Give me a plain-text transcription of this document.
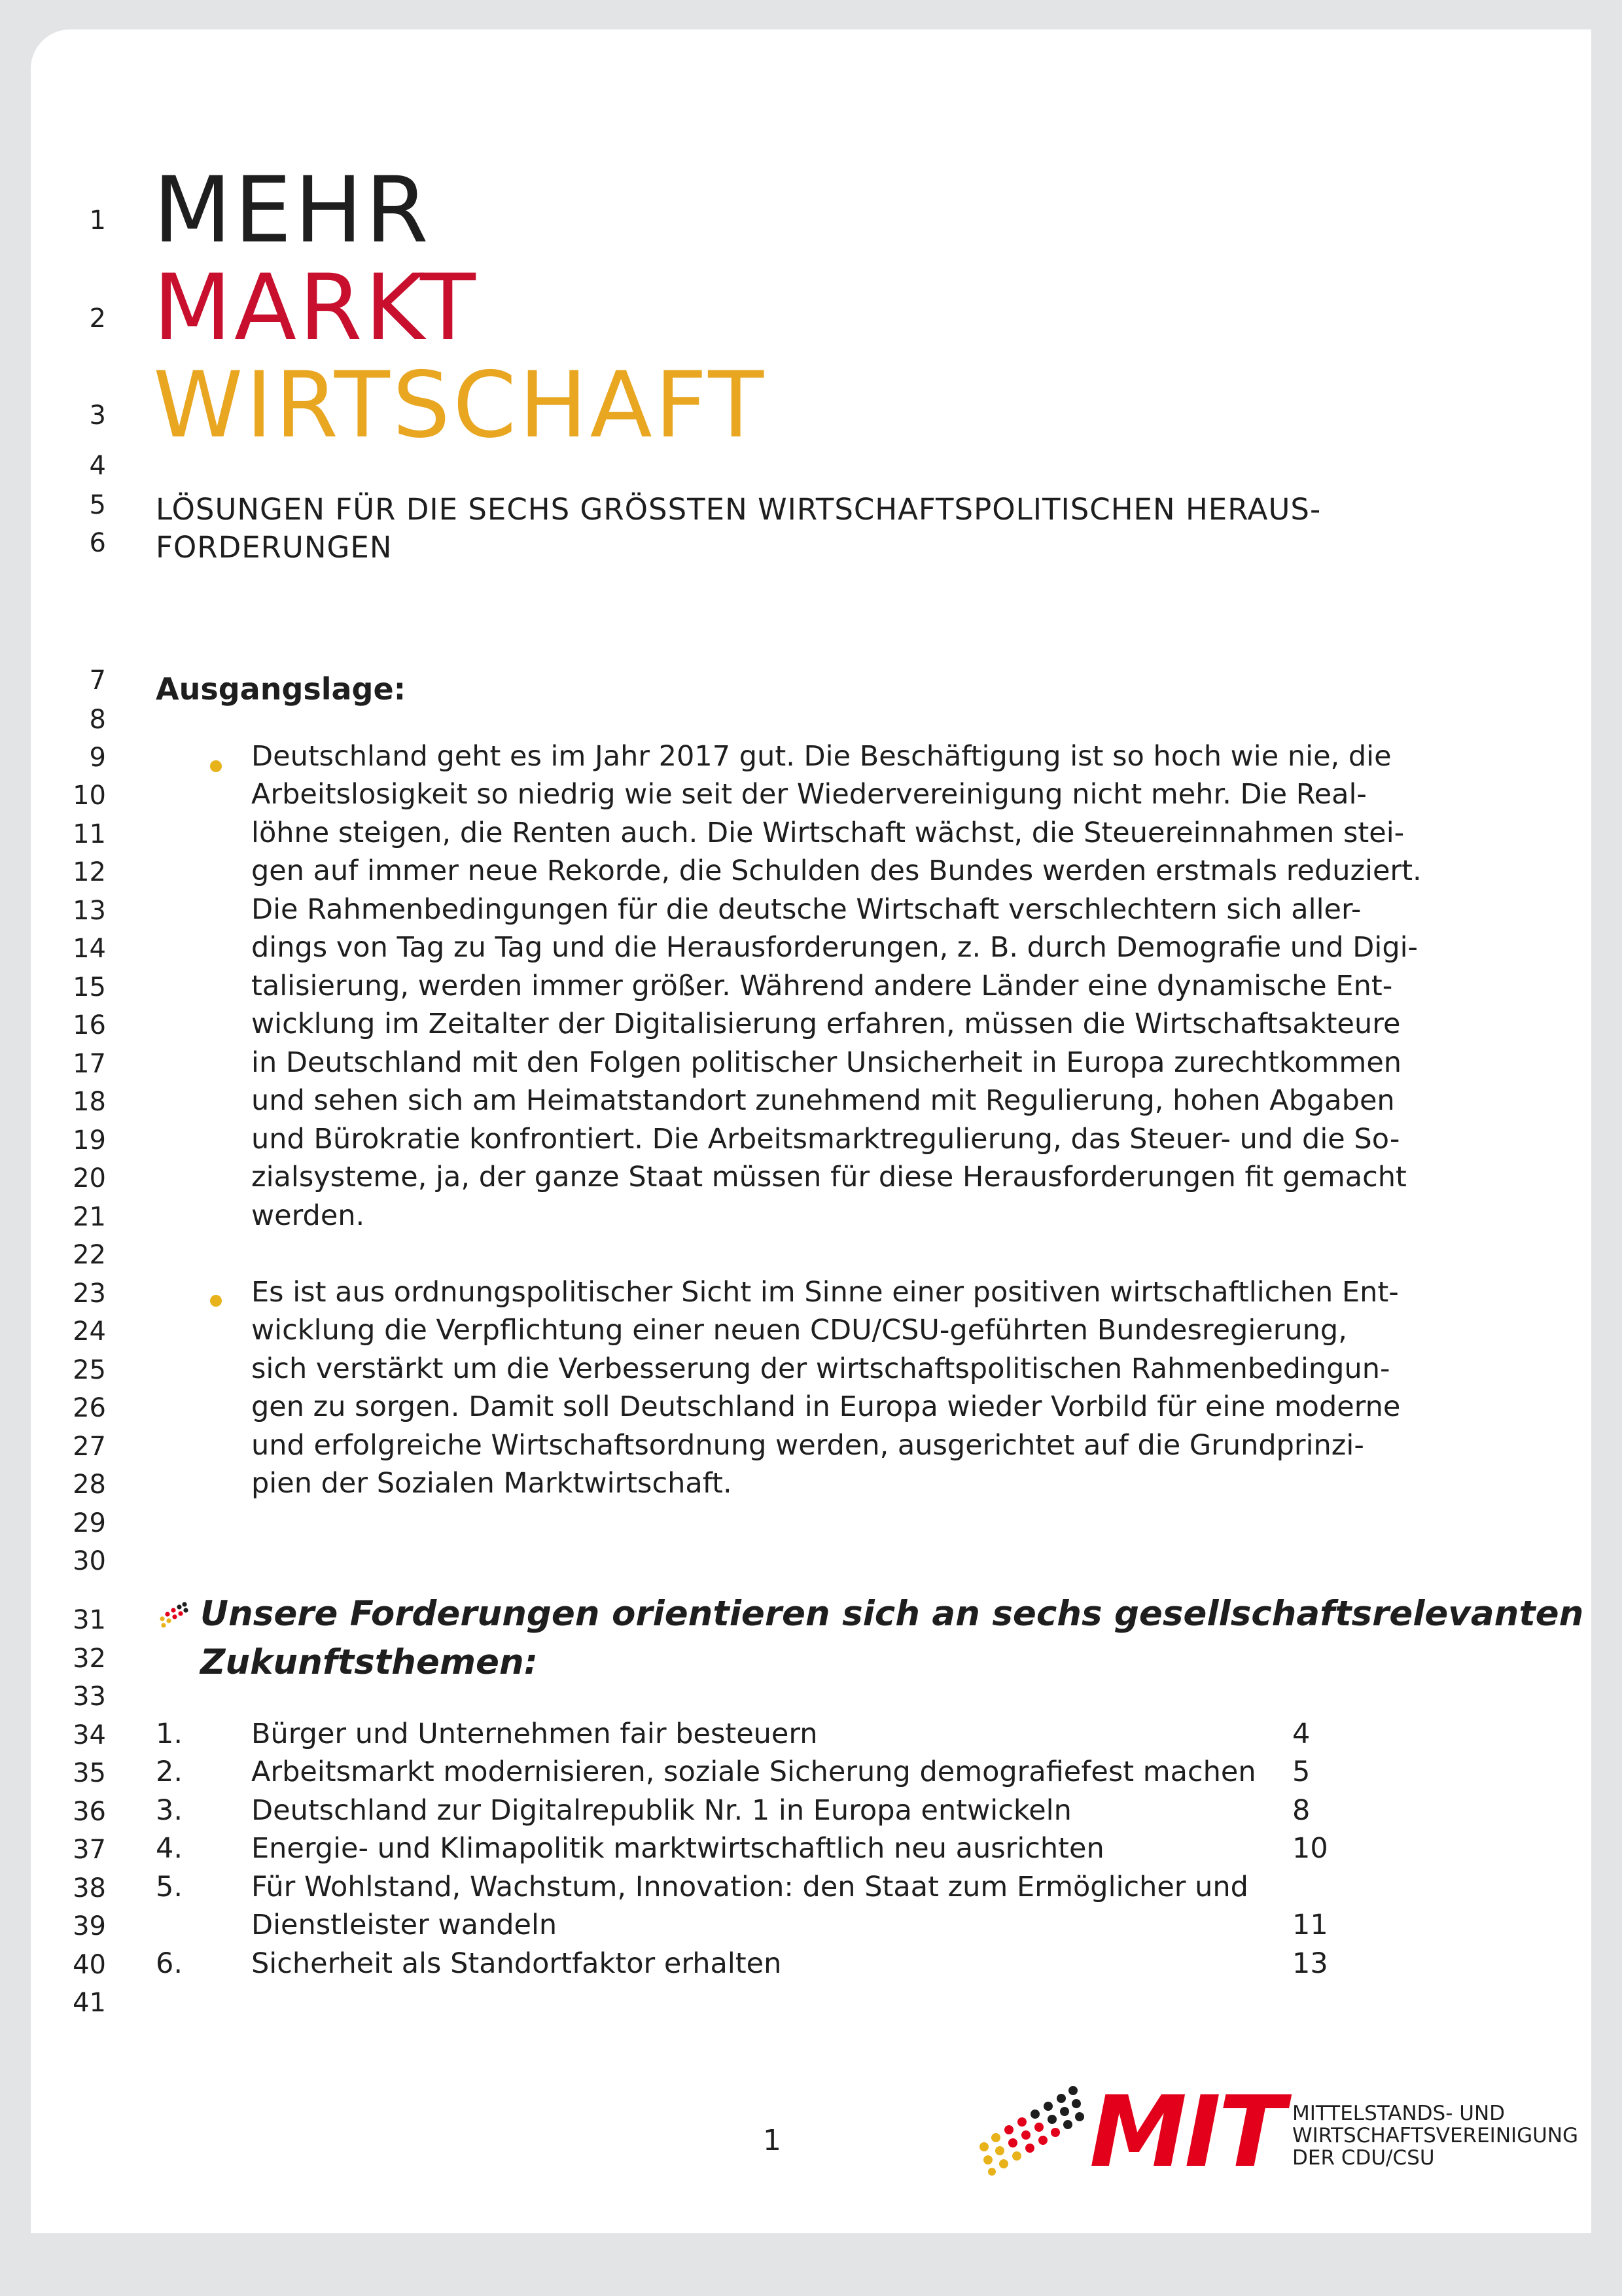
1
2
3
4
5
6
7
8
9
10
11
12
13
14
15
16
17
18
19
20
21
22
23
24
25
26
27
28
29
30
31
32
33
34
35
36
37
38
39
40
41
MEHR
MARKT
WIRTSCHAFT
LÖSUNGEN FÜR DIE SECHS GRÖSSTEN WIRTSCHAFTSPOLITISCHEN HERAUS-
FORDERUNGEN
Ausgangslage:
Deutschland geht es im Jahr 2017 gut. Die Beschäftigung ist so hoch wie nie, die
Arbeitslosigkeit so niedrig wie seit der Wiedervereinigung nicht mehr. Die Real-
löhne steigen, die Renten auch. Die Wirtschaft wächst, die Steuereinnahmen stei-
gen auf immer neue Rekorde, die Schulden des Bundes werden erstmals reduziert.
Die Rahmenbedingungen für die deutsche Wirtschaft verschlechtern sich aller-
dings von Tag zu Tag und die Herausforderungen, z. B. durch Demografie und Digi-
talisierung, werden immer größer. Während andere Länder eine dynamische Ent-
wicklung im Zeitalter der Digitalisierung erfahren, müssen die Wirtschaftsakteure
in Deutschland mit den Folgen politischer Unsicherheit in Europa zurechtkommen
und sehen sich am Heimatstandort zunehmend mit Regulierung, hohen Abgaben
und Bürokratie konfrontiert. Die Arbeitsmarktregulierung, das Steuer- und die So-
zialsysteme, ja, der ganze Staat müssen für diese Herausforderungen fit gemacht
werden.
Es ist aus ordnungspolitischer Sicht im Sinne einer positiven wirtschaftlichen Ent-
wicklung die Verpflichtung einer neuen CDU/CSU-geführten Bundesregierung,
sich verstärkt um die Verbesserung der wirtschaftspolitischen Rahmenbedingun-
gen zu sorgen. Damit soll Deutschland in Europa wieder Vorbild für eine moderne
und erfolgreiche Wirtschaftsordnung werden, ausgerichtet auf die Grundprinzi-
pien der Sozialen Marktwirtschaft.
Unsere Forderungen orientieren sich an sechs gesellschaftsrelevanten
Zukunftsthemen:
1. Bürger und Unternehmen fair besteuern	4
2. Arbeitsmarkt modernisieren, soziale Sicherung demografiefest machen 5
3. Deutschland zur Digitalrepublik Nr. 1 in Europa entwickeln	8
4. Energie- und Klimapolitik marktwirtschaftlich neu ausrichten	10
5. Für Wohlstand, Wachstum, Innovation: den Staat zum Ermöglicher und
Dienstleister wandeln	11
6. Sicherheit als Standortfaktor erhalten	13
1	MIT MITTELSTANDS- UND
WIRTSCHAFTSVEREINIGUNG
DER CDU/CSU
